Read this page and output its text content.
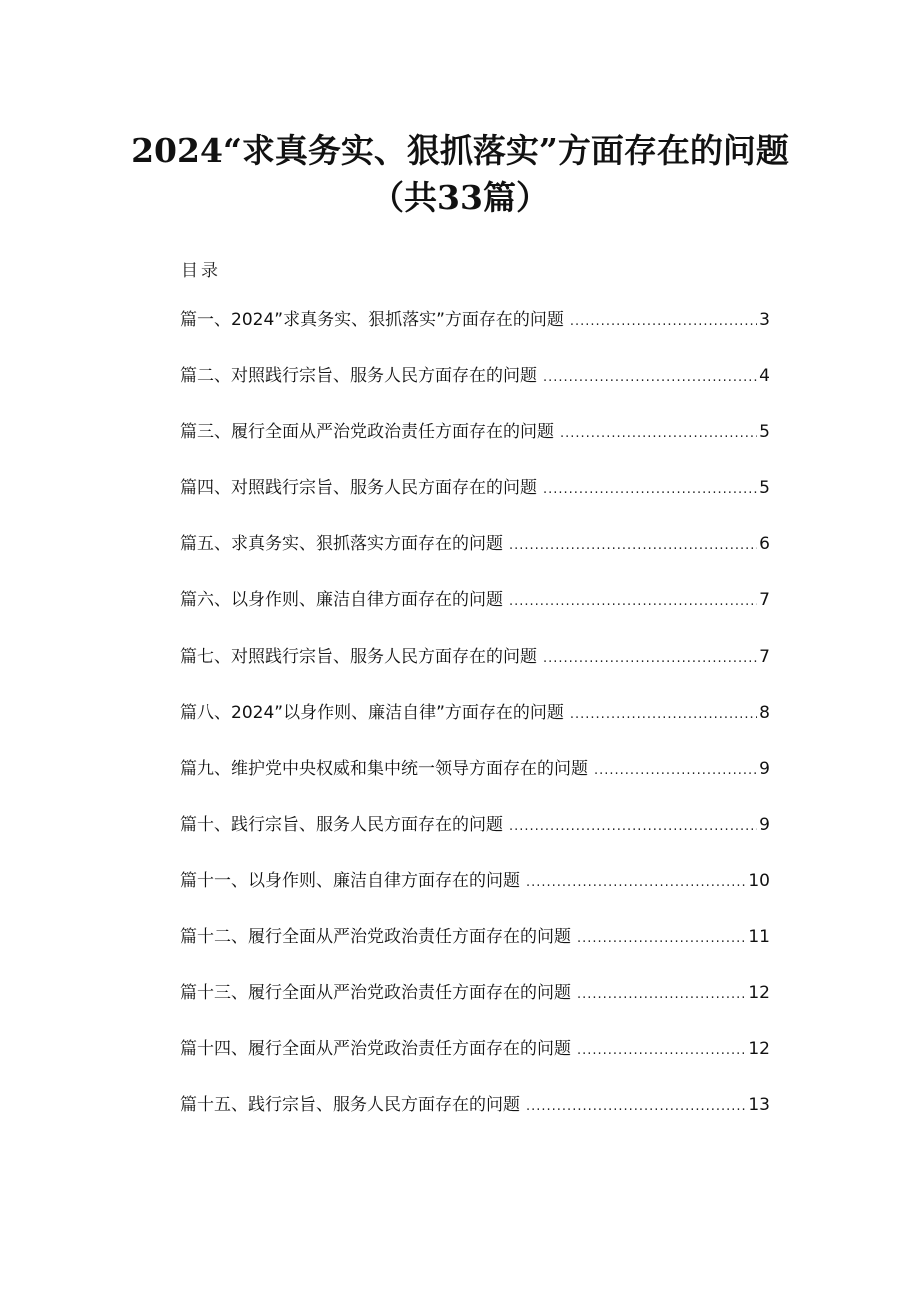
2024“求真务实、狠抓落实”方面存在的问题
（共33篇）
目录
篇一、2024”求真务实、狠抓落实”方面存在的问题 .....	3
篇二、对照践行宗旨、服务人民方面存在的问题 .....	4
篇三、履行全面从严治党政治责任方面存在的问题 .....	5
篇四、对照践行宗旨、服务人民方面存在的问题 .....	5
篇五、求真务实、狠抓落实方面存在的问题 .....	6
篇六、以身作则、廉洁自律方面存在的问题 .....	7
篇七、对照践行宗旨、服务人民方面存在的问题 .....	7
篇八、2024”以身作则、廉洁自律”方面存在的问题 .....	8
篇九、维护党中央权威和集中统一领导方面存在的问题 .....	9
篇十、践行宗旨、服务人民方面存在的问题 .....	9
篇十一、以身作则、廉洁自律方面存在的问题 .....	10
篇十二、履行全面从严治党政治责任方面存在的问题 .....	11
篇十三、履行全面从严治党政治责任方面存在的问题 .....	12
篇十四、履行全面从严治党政治责任方面存在的问题 .....	12
篇十五、践行宗旨、服务人民方面存在的问题 .....	13
